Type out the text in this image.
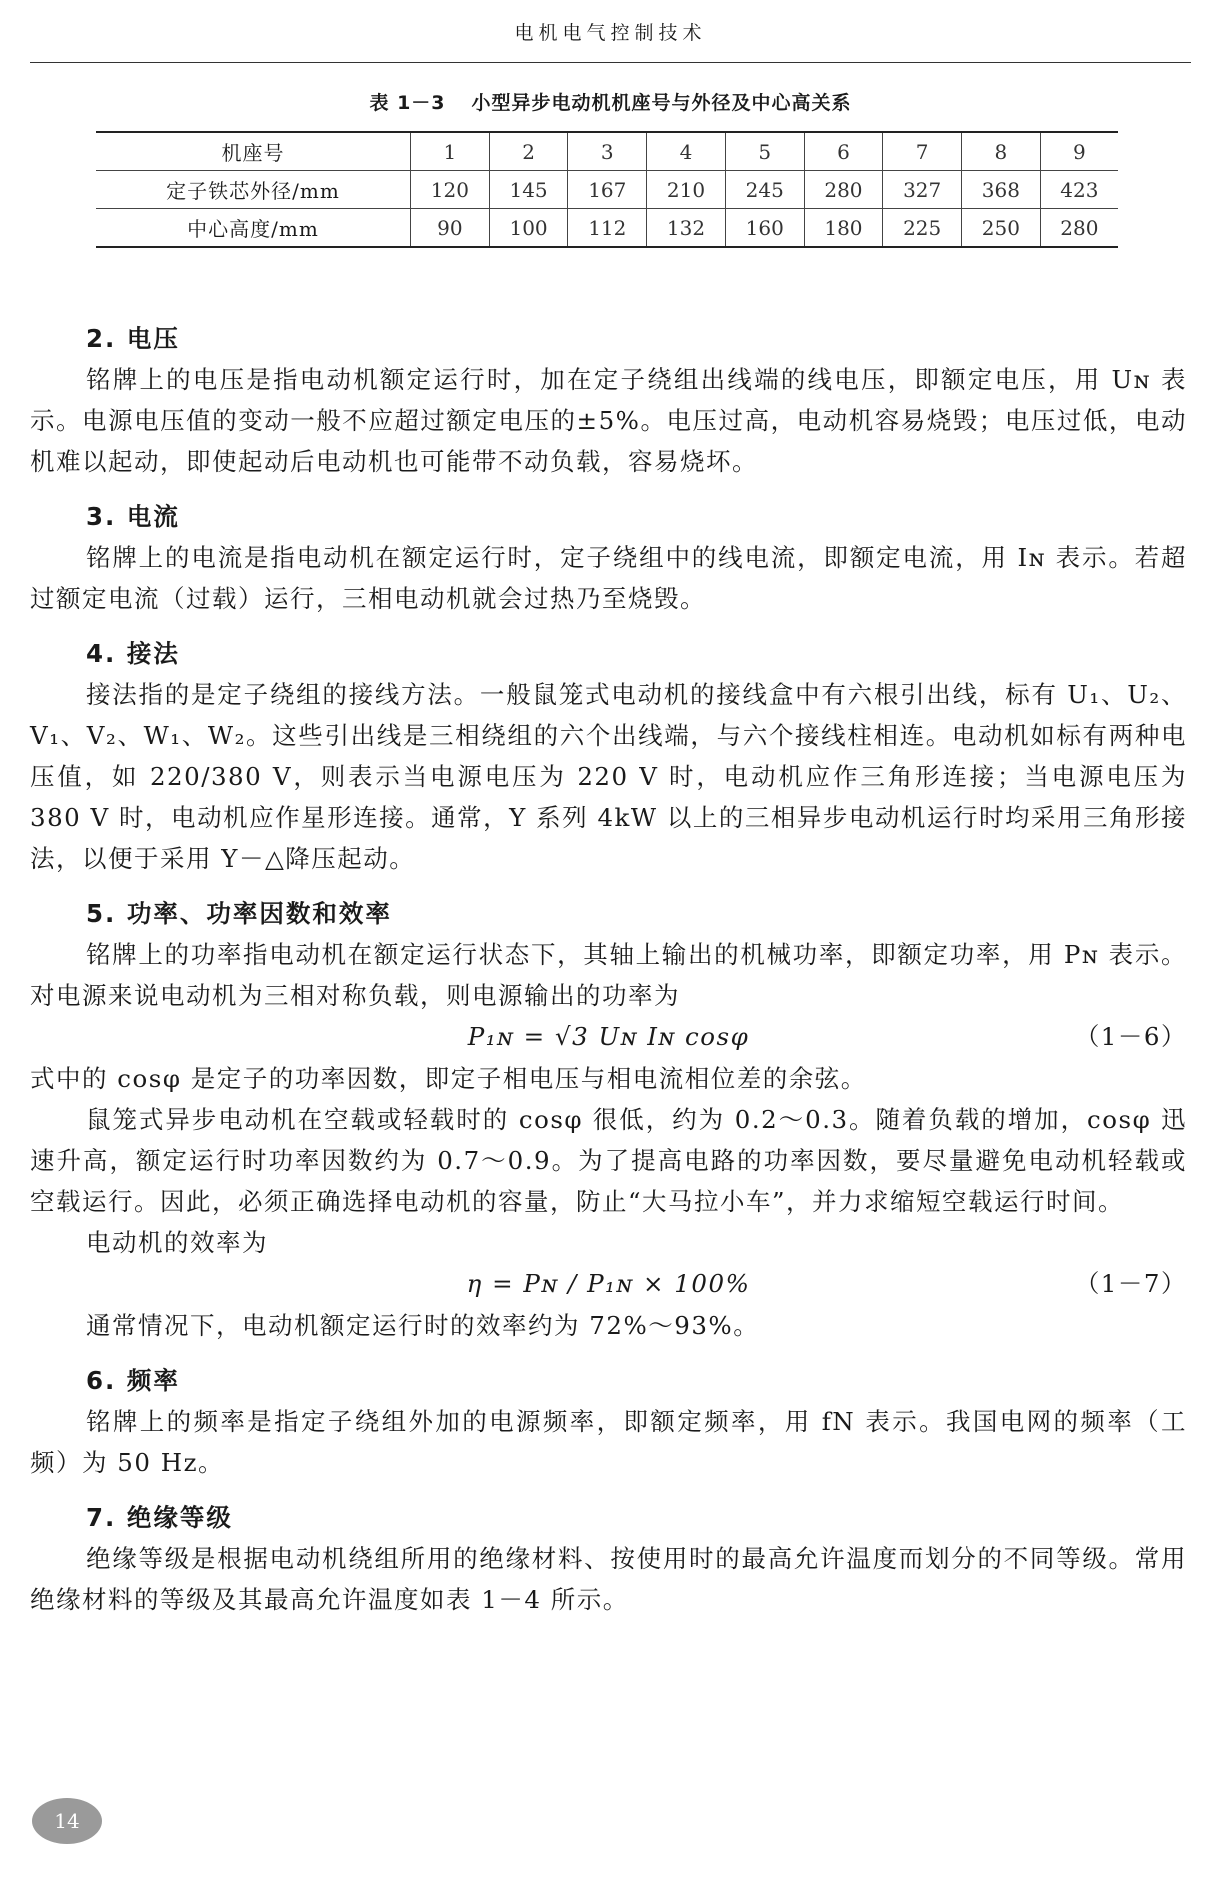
电机电气控制技术
表 1－3 小型异步电动机机座号与外径及中心高关系
机座号	1	2	3	4	5	6	7	8	9
定子铁芯外径/mm	120	145	167	210	245	280	327	368	423
中心高度/mm	90	100	112	132	160	180	225	250	280
2. 电压

铭牌上的电压是指电动机额定运行时，加在定子绕组出线端的线电压，即额定电压，用 Uɴ 表示。电源电压值的变动一般不应超过额定电压的±5%。电压过高，电动机容易烧毁；电压过低，电动机难以起动，即使起动后电动机也可能带不动负载，容易烧坏。

3. 电流

铭牌上的电流是指电动机在额定运行时，定子绕组中的线电流，即额定电流，用 Iɴ 表示。若超过额定电流（过载）运行，三相电动机就会过热乃至烧毁。

4. 接法

接法指的是定子绕组的接线方法。一般鼠笼式电动机的接线盒中有六根引出线，标有 U₁、U₂、V₁、V₂、W₁、W₂。这些引出线是三相绕组的六个出线端，与六个接线柱相连。电动机如标有两种电压值，如 220/380 V，则表示当电源电压为 220 V 时，电动机应作三角形连接；当电源电压为 380 V 时，电动机应作星形连接。通常，Y 系列 4kW 以上的三相异步电动机运行时均采用三角形接法，以便于采用 Y－△降压起动。

5. 功率、功率因数和效率

铭牌上的功率指电动机在额定运行状态下，其轴上输出的机械功率，即额定功率，用 Pɴ 表示。对电源来说电动机为三相对称负载，则电源输出的功率为

P₁ɴ = √3 Uɴ Iɴ cosφ	（1－6）

式中的 cosφ 是定子的功率因数，即定子相电压与相电流相位差的余弦。

鼠笼式异步电动机在空载或轻载时的 cosφ 很低，约为 0.2～0.3。随着负载的增加，cosφ 迅速升高，额定运行时功率因数约为 0.7～0.9。为了提高电路的功率因数，要尽量避免电动机轻载或空载运行。因此，必须正确选择电动机的容量，防止“大马拉小车”，并力求缩短空载运行时间。

电动机的效率为

η = Pɴ / P₁ɴ × 100%	（1－7）

通常情况下，电动机额定运行时的效率约为 72%～93%。

6. 频率

铭牌上的频率是指定子绕组外加的电源频率，即额定频率，用 fN 表示。我国电网的频率（工频）为 50 Hz。

7. 绝缘等级

绝缘等级是根据电动机绕组所用的绝缘材料、按使用时的最高允许温度而划分的不同等级。常用绝缘材料的等级及其最高允许温度如表 1－4 所示。

14
